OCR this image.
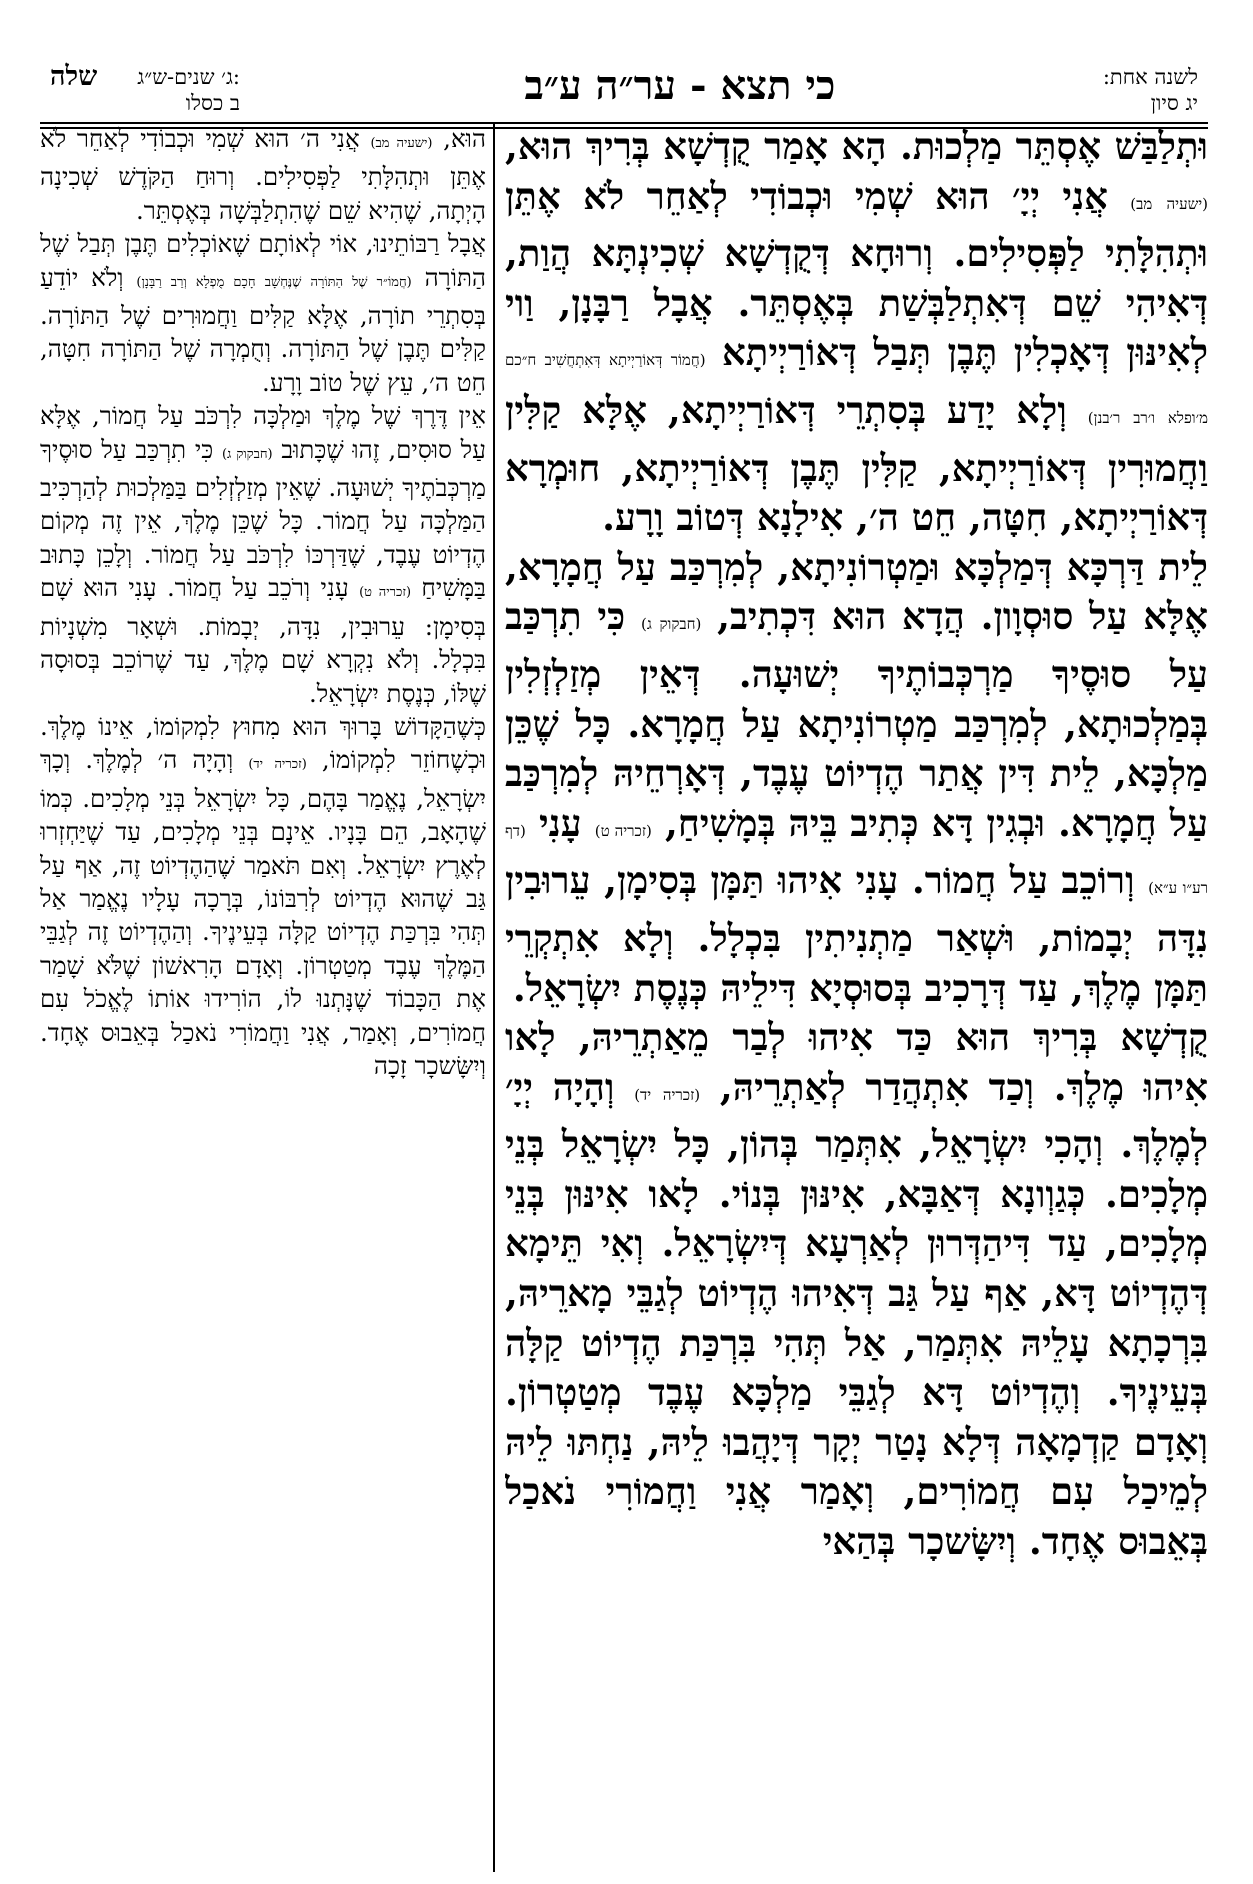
שלה ג׳ שנים-ש״ג:
ב כסלו	כי תצא - ער״ה ע״ב	לשנה אחת:
יג סיון

וּתְלַבַּשׁ אֶסְתֵּר מַלְכוּת. הָא אָמַר קֻדְשָׁא בְּרִיךְ הוּא, (ישעיה מב) אֲנִי יְיָ׳ הוּא שְׁמִי וּכְבוֹדִי לְאַחֵר לֹא אֶתֵּן וּתְהִלָּתִי לַפְּסִילִים. וְרוּחָא דְּקֻדְשָׁא שְׁכִינְתָּא הֲוַת, דְּאִיהִי שֵׁם דְּאִתְלַבְּשַׁת בְּאֶסְתֵּר. אֲבָל רַבָּנָן, וַוי לְאִינּוּן דְּאָכְלִין תֶּבֶן תְּבַל דְּאוֹרַיְיתָא (חֲמוֹר דְּאוֹרַיְיתָא דְּאִתְחֲשִׁיב ח״כם מ׳ופלא ו׳רב ר׳בנן) וְלָא יָדַע בְּסִתְרֵי דְּאוֹרַיְיתָא, אֶלָּא קַלִּין וַחֲמוּרִין דְּאוֹרַיְיתָא, קַלִּין תֶּבֶן דְּאוֹרַיְיתָא, חוּמְרָא דְּאוֹרַיְיתָא, חִטָּה, חֵט ה׳, אִילָנָא דְּטוֹב וָרָע.

לֵית דַּרְכָּא דְּמַלְכָּא וּמַטְרוֹנִיתָא, לְמִרְכַּב עַל חֲמָרָא, אֶלָּא עַל סוּסְוָון. הֲדָא הוּא דִּכְתִיב, (חבקוק ג) כִּי תִרְכַּב עַל סוּסֶיךָ מַרְכְּבוֹתֶיךָ יְשׁוּעָה. דְּאֵין מְזַלְזְלִין בְּמַלְכוּתָא, לְמִרְכַּב מַטְרוֹנִיתָא עַל חֲמָרָא. כָּל שֶׁכֵּן מַלְכָּא, לֵית דִּין אֲתַר הֶדְיוֹט עֶבֶד, דְּאָרְחֵיהּ לְמִרְכַּב עַל חֲמָרָא. וּבְגִין דָּא כְּתִיב בֵּיהּ בְּמָשִׁיחַ, (זכריה ט) עָנִי (דף רע״ו ע״א) וְרוֹכֵב עַל חֲמוֹר. עָנִי אִיהוּ תַּמָּן בְּסִימָן, עֵרוּבִין נִדָּה יְבָמוֹת, וּשְׁאַר מַתְנִיתִין בִּכְלָל. וְלָא אִתְקְרֵי תַּמָּן מֶלֶךְ, עַד דְּרָכִיב בְּסוּסְיָא דִּילֵיהּ כְּנֶסֶת יִשְׂרָאֵל.

קֻדְשָׁא בְּרִיךְ הוּא כַּד אִיהוּ לְבַר מֵאַתְרֵיהּ, לָאו אִיהוּ מֶלֶךְ. וְכַד אִתְהֲדַר לְאַתְרֵיהּ, (זכריה יד) וְהָיָה יְיָ׳ לְמֶלֶךְ. וְהָכִי יִשְׂרָאֵל, אִתְּמַר בְּהוֹן, כָּל יִשְׂרָאֵל בְּנֵי מְלָכִים. כְּגַוְונָא דְּאַבָּא, אִינּוּן בְּנוֹי. לָאו אִינּוּן בְּנֵי מְלָכִים, עַד דִּיהַדְּרוּן לְאַרְעָא דְּיִשְׂרָאֵל. וְאִי תֵּימָא דְּהֶדְיוֹט דָּא, אַף עַל גַּב דְּאִיהוּ הֶדְיוֹט לְגַבֵּי מָארֵיהּ, בִּרְכָתָא עָלֵיהּ אִתְּמַר, אַל תְּהִי בִּרְכַּת הֶדְיוֹט קַלָּה בְּעֵינֶיךָ. וְהֶדְיוֹט דָּא לְגַבֵּי מַלְכָּא עֶבֶד מְטַטְרוֹן. וְאָדָם קַדְמָאָה דְּלָא נָטַר יְקָר דְּיָהֲבוּ לֵיהּ, נַחְתּוּ לֵיהּ לְמֵיכַל עִם חֲמוֹרִים, וְאָמַר אֲנִי וַחֲמוֹרִי נֹאכַל בְּאֵבוּס אֶחָד. וְיִשָּׂשכָר בְּהַאי

הוּא, (ישעיה מב) אֲנִי ה׳ הוּא שְׁמִי וּכְבוֹדִי לְאַחֵר לֹא אֶתֵּן וּתְהִלָּתִי לַפְּסִילִים. וְרוּחַ הַקֹּדֶשׁ שְׁכִינָה הָיְתָה, שֶׁהִיא שֵׁם שֶׁהִתְלַבְּשָׁה בְּאֶסְתֵּר.

אֲבָל רַבּוֹתֵינוּ, אוֹי לְאוֹתָם שֶׁאוֹכְלִים תֶּבֶן תְּבַל שֶׁל הַתּוֹרָה (חֲמוֹ״ר שֶׁל הַתּוֹרָה שֶׁנֶּחְשָׁב חָכָם מֻפְלָא וְרַב רַבָּנָן) וְלֹא יוֹדֵעַ בְּסִתְרֵי תוֹרָה, אֶלָּא קַלִּים וַחֲמוּרִים שֶׁל הַתּוֹרָה. קַלִּים תֶּבֶן שֶׁל הַתּוֹרָה. וְחֻמְרָה שֶׁל הַתּוֹרָה חִטָּה, חֵט ה׳, עֵץ שֶׁל טוֹב וָרָע.

אֵין דֶּרֶךְ שֶׁל מֶלֶךְ וּמַלְכָּה לִרְכֹּב עַל חֲמוֹר, אֶלָּא עַל סוּסִים, זֶהוּ שֶׁכָּתוּב (חבקוק ג) כִּי תִרְכַּב עַל סוּסֶיךָ מַרְכְּבֹתֶיךָ יְשׁוּעָה. שֶׁאֵין מְזַלְזְלִים בַּמַּלְכוּת לְהַרְכִּיב הַמַּלְכָּה עַל חֲמוֹר. כָּל שֶׁכֵּן מֶלֶךְ, אֵין זֶה מְקוֹם הֶדְיוֹט עֶבֶד, שֶׁדַּרְכּוֹ לִרְכֹּב עַל חֲמוֹר. וְלָכֵן כָּתוּב בַּמָּשִׁיחַ (זכריה ט) עָנִי וְרֹכֵב עַל חֲמוֹר. עָנִי הוּא שָׁם בְּסִימָן: עֵרוּבִין, נִדָּה, יְבָמוֹת. וּשְׁאָר מִשְׁנָיוֹת בִּכְלָל. וְלֹא נִקְרָא שָׁם מֶלֶךְ, עַד שֶׁרוֹכֵב בְּסוּסָה שֶׁלּוֹ, כְּנֶסֶת יִשְׂרָאֵל.

כְּשֶׁהַקָּדוֹשׁ בָּרוּךְ הוּא מִחוּץ לִמְקוֹמוֹ, אֵינוֹ מֶלֶךְ. וּכְשֶׁחוֹזֵר לִמְקוֹמוֹ, (זכריה יד) וְהָיָה ה׳ לְמֶלֶךְ. וְכָךְ יִשְׂרָאֵל, נֶאֱמַר בָּהֶם, כָּל יִשְׂרָאֵל בְּנֵי מְלָכִים. כְּמוֹ שֶׁהָאָב, הֵם בָּנָיו. אֵינָם בְּנֵי מְלָכִים, עַד שֶׁיַּחְזְרוּ לְאֶרֶץ יִשְׂרָאֵל. וְאִם תֹּאמַר שֶׁהַהֶדְיוֹט זֶה, אַף עַל גַּב שֶׁהוּא הֶדְיוֹט לְרִבּוֹנוֹ, בְּרָכָה עָלָיו נֶאֱמַר אַל תְּהִי בִּרְכַּת הֶדְיוֹט קַלָּה בְּעֵינֶיךָ. וְהַהֶדְיוֹט זֶה לְגַבֵּי הַמֶּלֶךְ עֶבֶד מְטַטְרוֹן. וְאָדָם הָרִאשׁוֹן שֶׁלֹּא שָׁמַר אֶת הַכָּבוֹד שֶׁנָּתְנוּ לוֹ, הוֹרִידוּ אוֹתוֹ לֶאֱכֹל עִם חֲמוֹרִים, וְאָמַר, אֲנִי וַחֲמוֹרִי נֹאכַל בְּאֵבוּס אֶחָד. וְיִשָּׂשכָר זָכָה
